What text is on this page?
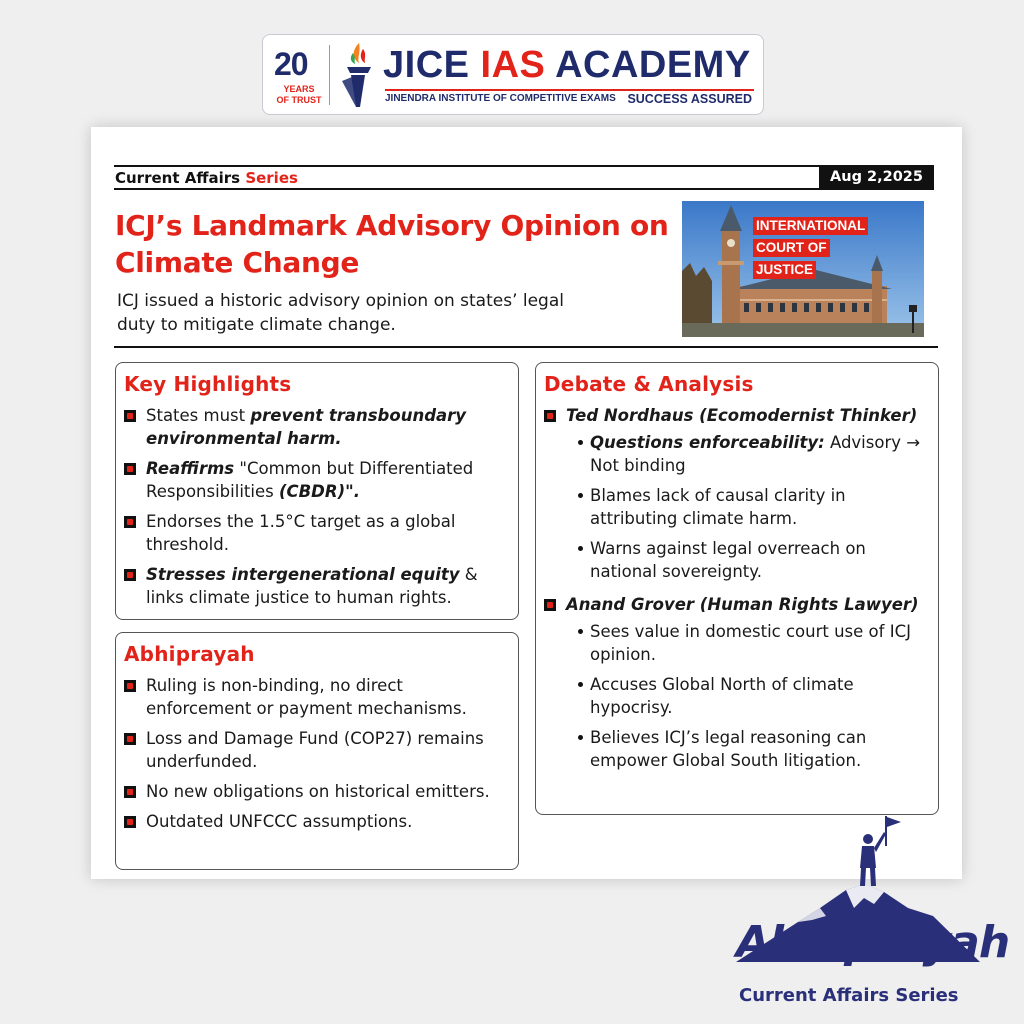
20
YEARS
OF TRUST
JICE IAS ACADEMY
JINENDRA INSTITUTE OF COMPETITIVE EXAMS SUCCESS ASSURED
Current Affairs Series	Aug 2,2025
ICJ’s Landmark Advisory Opinion on Climate Change

ICJ issued a historic advisory opinion on states’ legal duty to mitigate climate change.

INTERNATIONAL
COURT OF
JUSTICE
Key Highlights
States must prevent transboundary environmental harm.
Reaffirms "Common but Differentiated Responsibilities (CBDR)".
Endorses the 1.5°C target as a global threshold.
Stresses intergenerational equity & links climate justice to human rights.
Abhiprayah
Ruling is non-binding, no direct enforcement or payment mechanisms.
Loss and Damage Fund (COP27) remains underfunded.
No new obligations on historical emitters.
Outdated UNFCCC assumptions.
Debate & Analysis
Ted Nordhaus (Ecomodernist Thinker)
Questions enforceability: Advisory → Not binding
Blames lack of causal clarity in attributing climate harm.
Warns against legal overreach on national sovereignty.
Anand Grover (Human Rights Lawyer)
Sees value in domestic court use of ICJ opinion.
Accuses Global North of climate hypocrisy.
Believes ICJ’s legal reasoning can empower Global South litigation.
Abhiprayah
Current Affairs Series
